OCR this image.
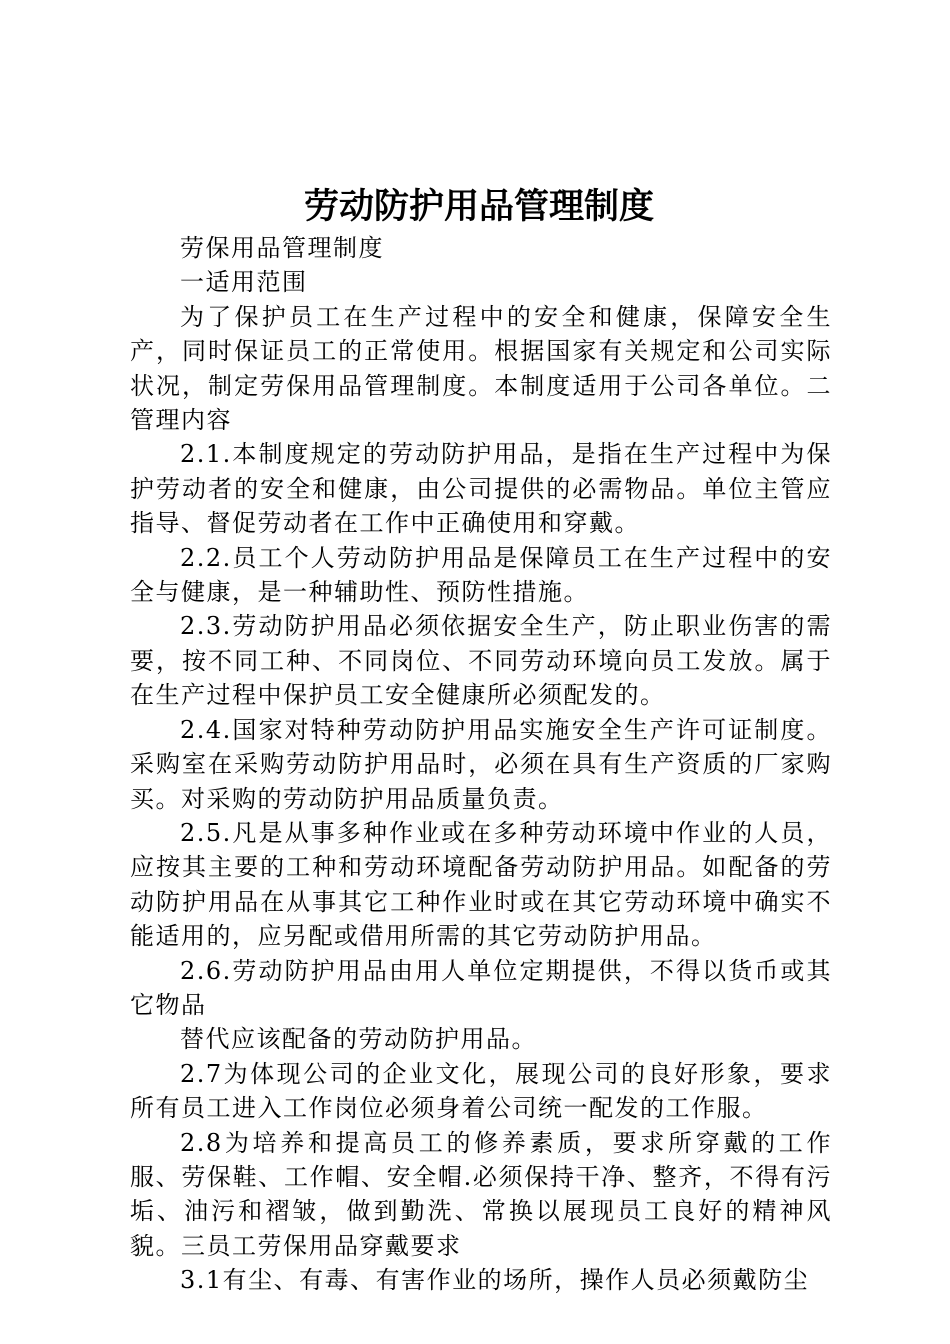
劳动防护用品管理制度

劳保用品管理制度

一适用范围

为了保护员工在生产过程中的安全和健康，保障安全生产，同时保证员工的正常使用。根据国家有关规定和公司实际状况，制定劳保用品管理制度。本制度适用于公司各单位。二管理内容

2.1.本制度规定的劳动防护用品，是指在生产过程中为保护劳动者的安全和健康，由公司提供的必需物品。单位主管应指导、督促劳动者在工作中正确使用和穿戴。

2.2.员工个人劳动防护用品是保障员工在生产过程中的安全与健康，是一种辅助性、预防性措施。

2.3.劳动防护用品必须依据安全生产，防止职业伤害的需要，按不同工种、不同岗位、不同劳动环境向员工发放。属于在生产过程中保护员工安全健康所必须配发的。

2.4.国家对特种劳动防护用品实施安全生产许可证制度。采购室在采购劳动防护用品时，必须在具有生产资质的厂家购买。对采购的劳动防护用品质量负责。

2.5.凡是从事多种作业或在多种劳动环境中作业的人员，应按其主要的工种和劳动环境配备劳动防护用品。如配备的劳动防护用品在从事其它工种作业时或在其它劳动环境中确实不能适用的，应另配或借用所需的其它劳动防护用品。

2.6.劳动防护用品由用人单位定期提供，不得以货币或其它物品

替代应该配备的劳动防护用品。

2.7为体现公司的企业文化，展现公司的良好形象，要求所有员工进入工作岗位必须身着公司统一配发的工作服。

2.8为培养和提高员工的修养素质，要求所穿戴的工作服、劳保鞋、工作帽、安全帽.必须保持干净、整齐，不得有污垢、油污和褶皱，做到勤洗、常换以展现员工良好的精神风貌。三员工劳保用品穿戴要求

3.1有尘、有毒、有害作业的场所，操作人员必须戴防尘
